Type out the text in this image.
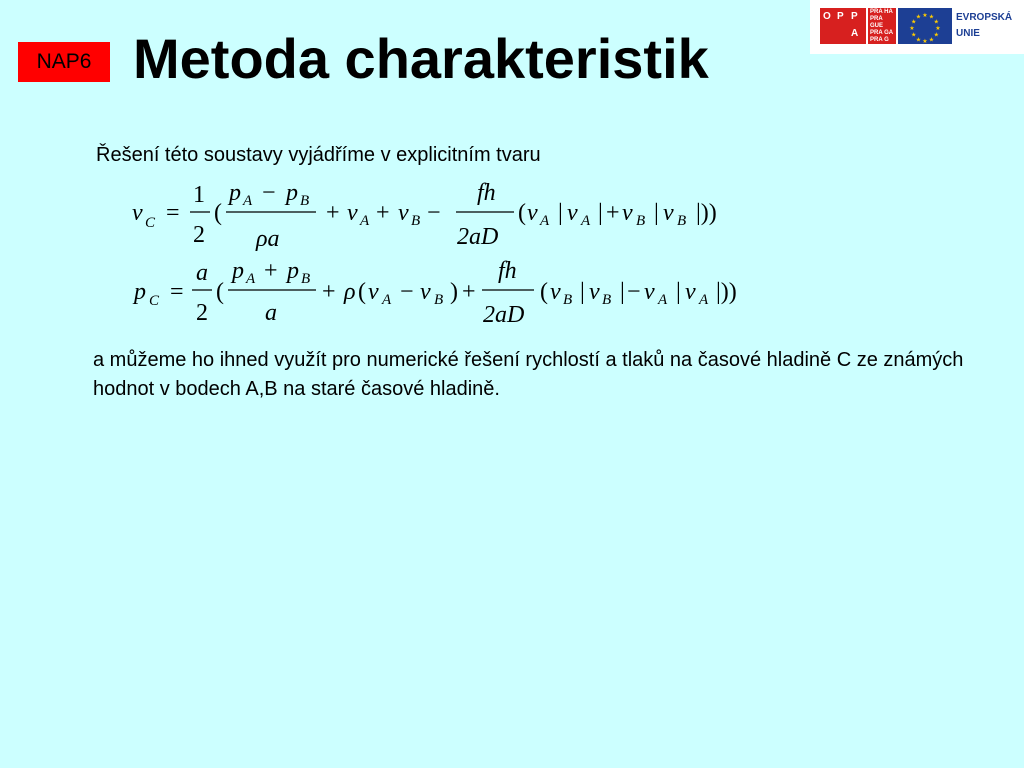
NAP6 Metoda charakteristik
O P P
A
PRA HA
PRA GUE
PRA GA
PRA G
★ ★
★
★
★
★
★
★
★
★
★
★	EVROPSKÁ UNIE
Řešení této soustavy vyjádříme v explicitním tvaru
v C =
1
2
(
p A − p B
ρa
+ v A + v B −
fh
2aD
( v A | v A | + v B | v B |))
p C =
a
2
(
p A + p B
a
+ ρ ( v A − v B ) +
fh
2aD
( v B | v B | − v A | v A |))
a můžeme ho ihned využít pro numerické řešení rychlostí a tlaků na časové hladině C ze známých hodnot v bodech A,B na staré časové hladině.
